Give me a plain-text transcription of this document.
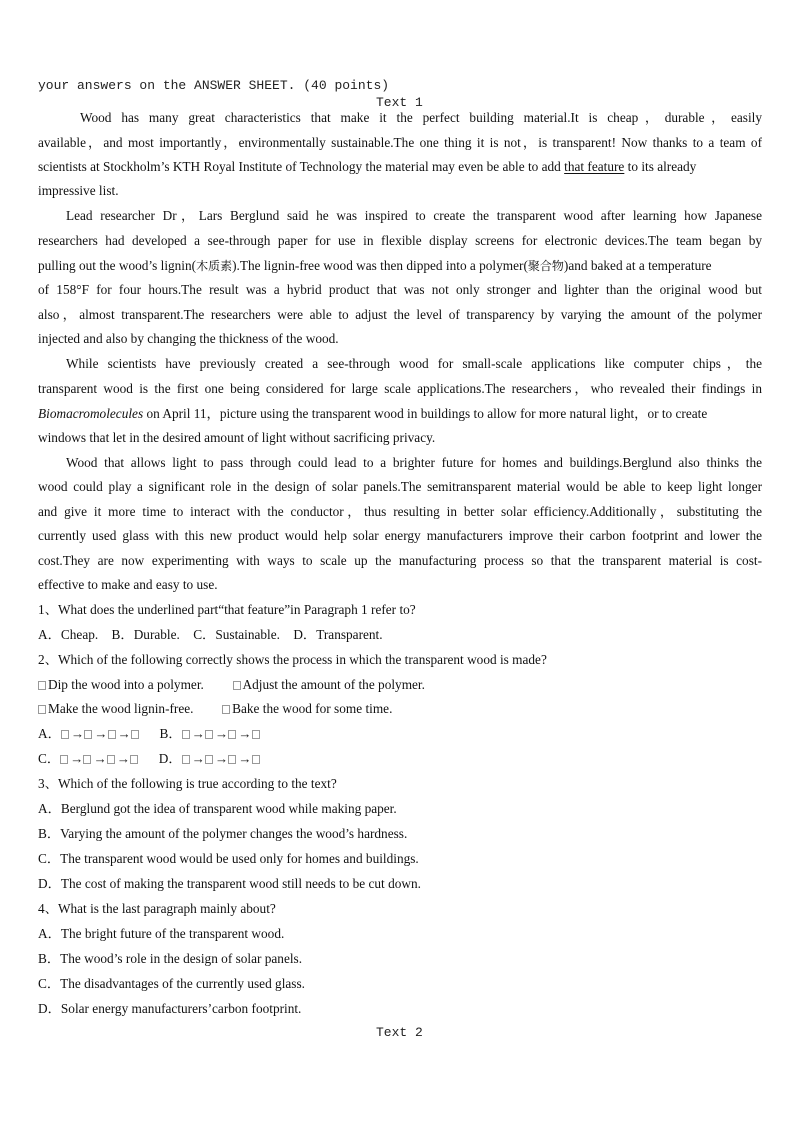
your answers on the ANSWER SHEET. (40 points)
Text 1
Wood has many great characteristics that make it the perfect building material.It is cheap，durable，easily
available，and most importantly，environmentally sustainable.The one thing it is not，is transparent! Now thanks to a team of
scientists at Stockholm’s KTH Royal Institute of Technology the material may even be able to add that feature to its already
impressive list.
Lead researcher Dr，Lars Berglund said he was inspired to create the transparent wood after learning how Japanese
researchers had developed a see-through paper for use in flexible display screens for electronic devices.The team began by
pulling out the wood’s lignin(木质素).The lignin-free wood was then dipped into a polymer(聚合物)and baked at a temperature
of 158°F for four hours.The result was a hybrid product that was not only stronger and lighter than the original wood but
also，almost transparent.The researchers were able to adjust the level of transparency by varying the amount of the polymer
injected and also by changing the thickness of the wood.
While scientists have previously created a see-through wood for small-scale applications like computer chips，the
transparent wood is the first one being considered for large scale applications.The researchers，who revealed their findings in
Biomacromolecules on April 11，picture using the transparent wood in buildings to allow for more natural light，or to create
windows that let in the desired amount of light without sacrificing privacy.
Wood that allows light to pass through could lead to a brighter future for homes and buildings.Berglund also thinks the
wood could play a significant role in the design of solar panels.The semitransparent material would be able to keep light longer
and give it more time to interact with the conductor，thus resulting in better solar efficiency.Additionally，substituting the
currently used glass with this new product would help solar energy manufacturers improve their carbon footprint and lower the
cost.They are now experimenting with ways to scale up the manufacturing process so that the transparent material is cost-
effective to make and easy to use.
1、What does the underlined part“that feature”in Paragraph 1 refer to?
A．Cheap. B．Durable. C．Sustainable. D．Transparent.
2、Which of the following correctly shows the process in which the transparent wood is made?
Dip the wood into a polymer.	Adjust the amount of the polymer.
Make the wood lignin-free.	Bake the wood for some time.
A． → → → B． → → →
C． → → → D． → → →
3、Which of the following is true according to the text?
A．Berglund got the idea of transparent wood while making paper.
B．Varying the amount of the polymer changes the wood’s hardness.
C．The transparent wood would be used only for homes and buildings.
D．The cost of making the transparent wood still needs to be cut down.
4、What is the last paragraph mainly about?
A．The bright future of the transparent wood.
B．The wood’s role in the design of solar panels.
C．The disadvantages of the currently used glass.
D．Solar energy manufacturers’carbon footprint.
Text 2
